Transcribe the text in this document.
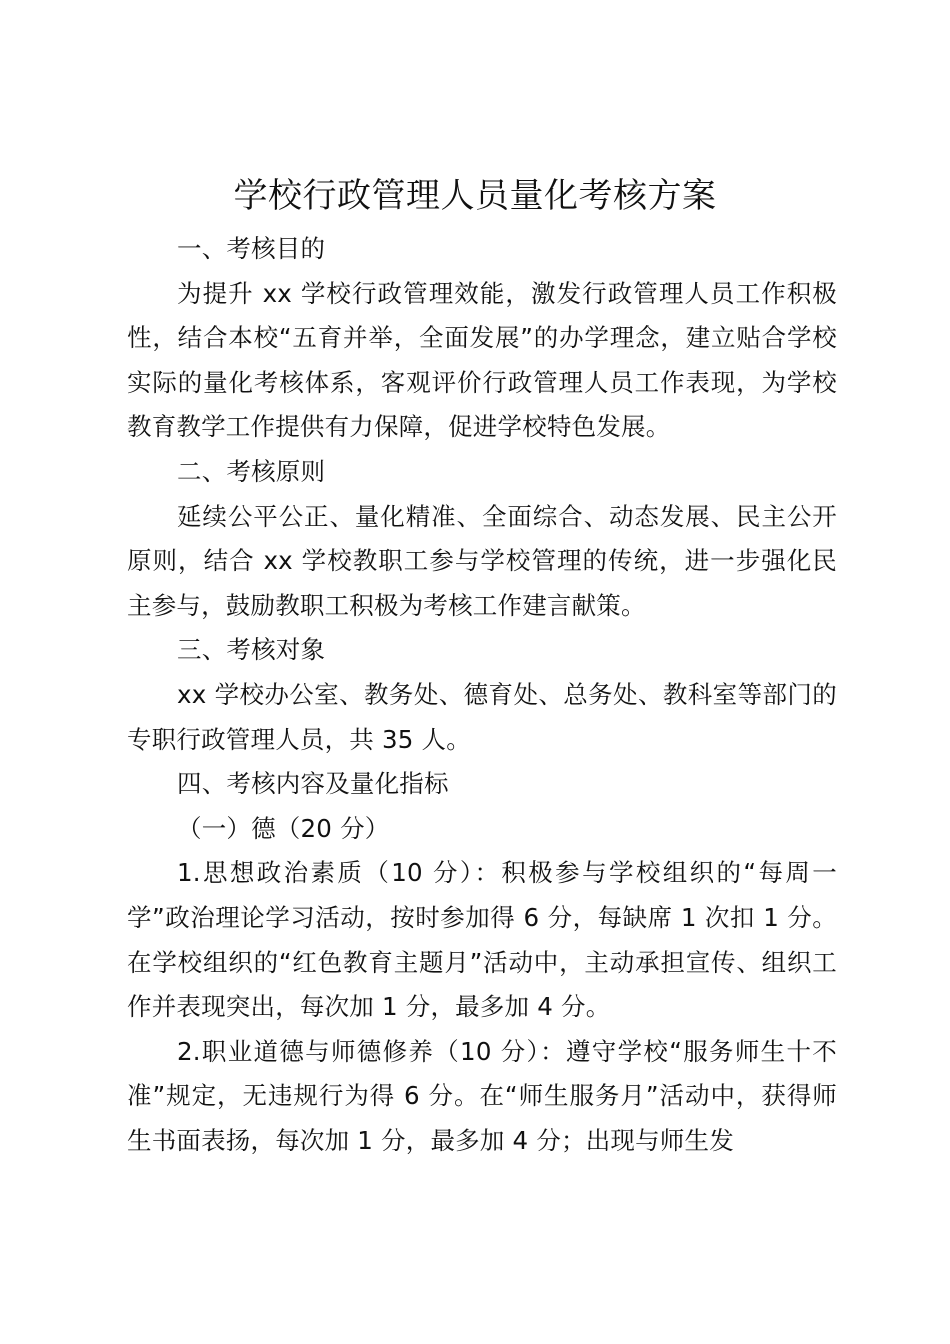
学校行政管理人员量化考核方案

一、考核目的

为提升 xx 学校行政管理效能，激发行政管理人员工作积极性，结合本校“五育并举，全面发展”的办学理念，建立贴合学校实际的量化考核体系，客观评价行政管理人员工作表现，为学校教育教学工作提供有力保障，促进学校特色发展。

二、考核原则

延续公平公正、量化精准、全面综合、动态发展、民主公开原则，结合 xx 学校教职工参与学校管理的传统，进一步强化民主参与，鼓励教职工积极为考核工作建言献策。

三、考核对象

xx 学校办公室、教务处、德育处、总务处、教科室等部门的专职行政管理人员，共 35 人。

四、考核内容及量化指标

（一）德（20 分）

1.思想政治素质（10 分）：积极参与学校组织的“每周一学”政治理论学习活动，按时参加得 6 分，每缺席 1 次扣 1 分。在学校组织的“红色教育主题月”活动中，主动承担宣传、组织工作并表现突出，每次加 1 分，最多加 4 分。

2.职业道德与师德修养（10 分）：遵守学校“服务师生十不准”规定，无违规行为得 6 分。在“师生服务月”活动中，获得师生书面表扬，每次加 1 分，最多加 4 分；出现与师生发
